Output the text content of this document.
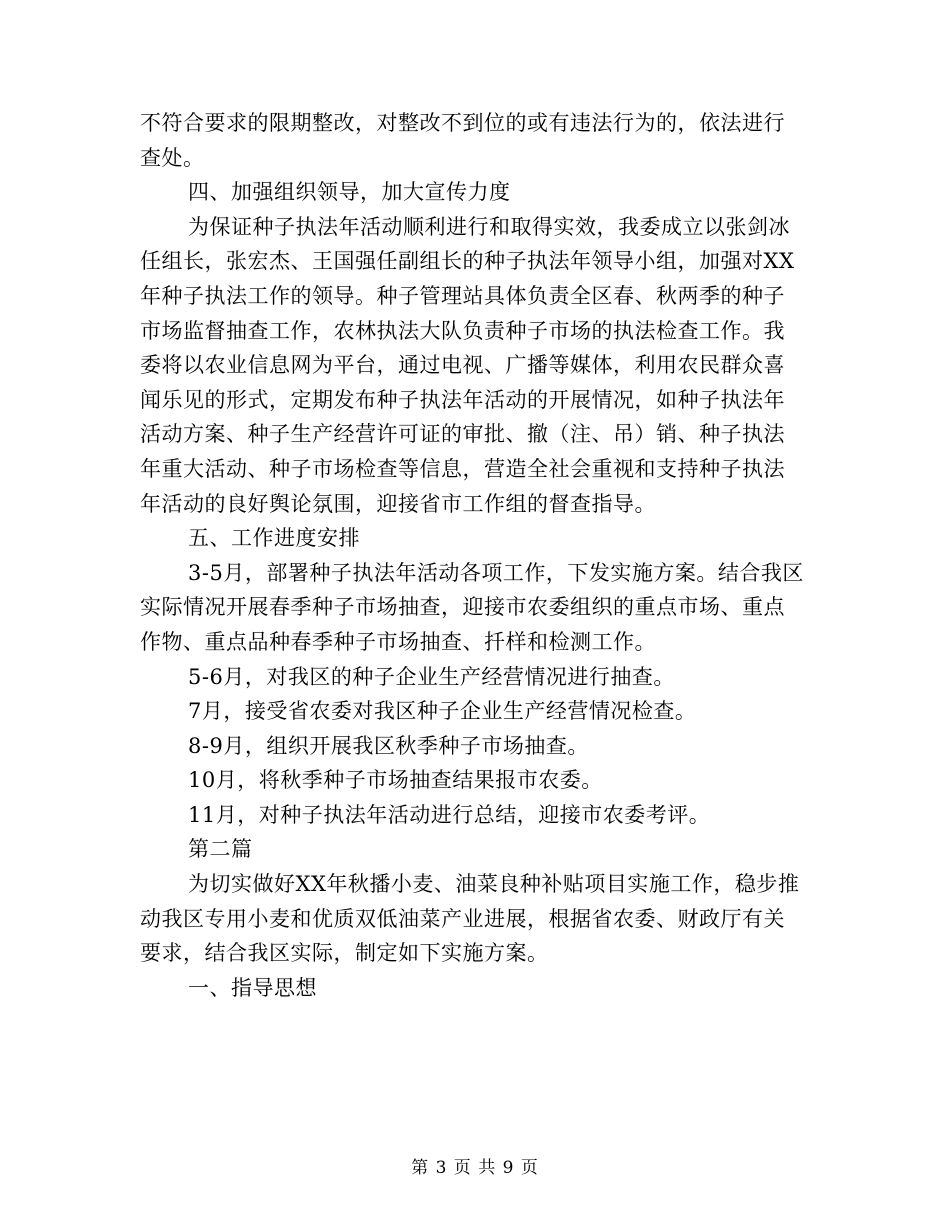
不符合要求的限期整改，对整改不到位的或有违法行为的，依法进行

查处。

四、加强组织领导，加大宣传力度

为保证种子执法年活动顺利进行和取得实效，我委成立以张剑冰

任组长，张宏杰、王国强任副组长的种子执法年领导小组，加强对XX

年种子执法工作的领导。种子管理站具体负责全区春、秋两季的种子

市场监督抽查工作，农林执法大队负责种子市场的执法检查工作。我

委将以农业信息网为平台，通过电视、广播等媒体，利用农民群众喜

闻乐见的形式，定期发布种子执法年活动的开展情况，如种子执法年

活动方案、种子生产经营许可证的审批、撤（注、吊）销、种子执法

年重大活动、种子市场检查等信息，营造全社会重视和支持种子执法

年活动的良好舆论氛围，迎接省市工作组的督查指导。

五、工作进度安排

3-5月，部署种子执法年活动各项工作，下发实施方案。结合我区

实际情况开展春季种子市场抽查，迎接市农委组织的重点市场、重点

作物、重点品种春季种子市场抽查、扦样和检测工作。

5-6月，对我区的种子企业生产经营情况进行抽查。

7月，接受省农委对我区种子企业生产经营情况检查。

8-9月，组织开展我区秋季种子市场抽查。

10月，将秋季种子市场抽查结果报市农委。

11月，对种子执法年活动进行总结，迎接市农委考评。

第二篇

为切实做好XX年秋播小麦、油菜良种补贴项目实施工作，稳步推

动我区专用小麦和优质双低油菜产业进展，根据省农委、财政厅有关

要求，结合我区实际，制定如下实施方案。

一、指导思想

第 3 页 共 9 页
